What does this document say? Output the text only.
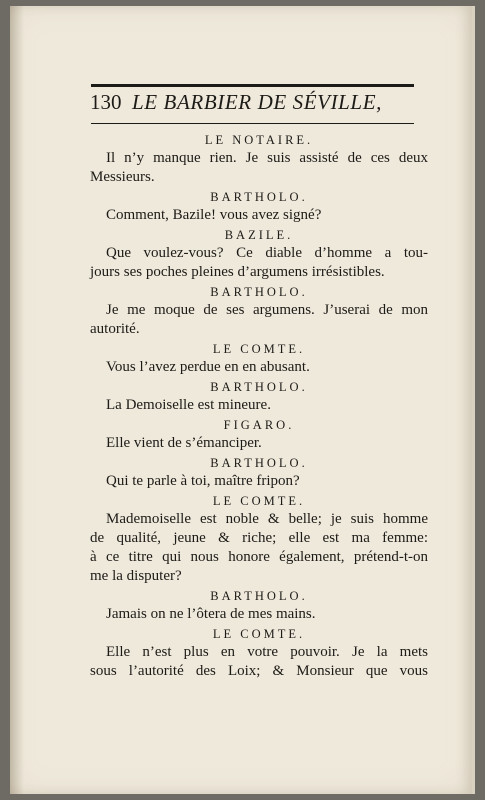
130 LE BARBIER DE SÉVILLE,

LE NOTAIRE.

Il n’y manque rien. Je suis assisté de ces deux

Messieurs.

BARTHOLO.

Comment, Bazile! vous avez signé?

BAZILE.

Que voulez-vous? Ce diable d’homme a tou-

jours ses poches pleines d’argumens irrésistibles.

BARTHOLO.

Je me moque de ses argumens. J’userai de mon

autorité.

LE COMTE.

Vous l’avez perdue en en abusant.

BARTHOLO.

La Demoiselle est mineure.

FIGARO.

Elle vient de s’émanciper.

BARTHOLO.

Qui te parle à toi, maître fripon?

LE COMTE.

Mademoiselle est noble & belle; je suis homme

de qualité, jeune & riche; elle est ma femme:

à ce titre qui nous honore également, prétend-t-on

me la disputer?

BARTHOLO.

Jamais on ne l’ôtera de mes mains.

LE COMTE.

Elle n’est plus en votre pouvoir. Je la mets

sous l’autorité des Loix; & Monsieur que vous
